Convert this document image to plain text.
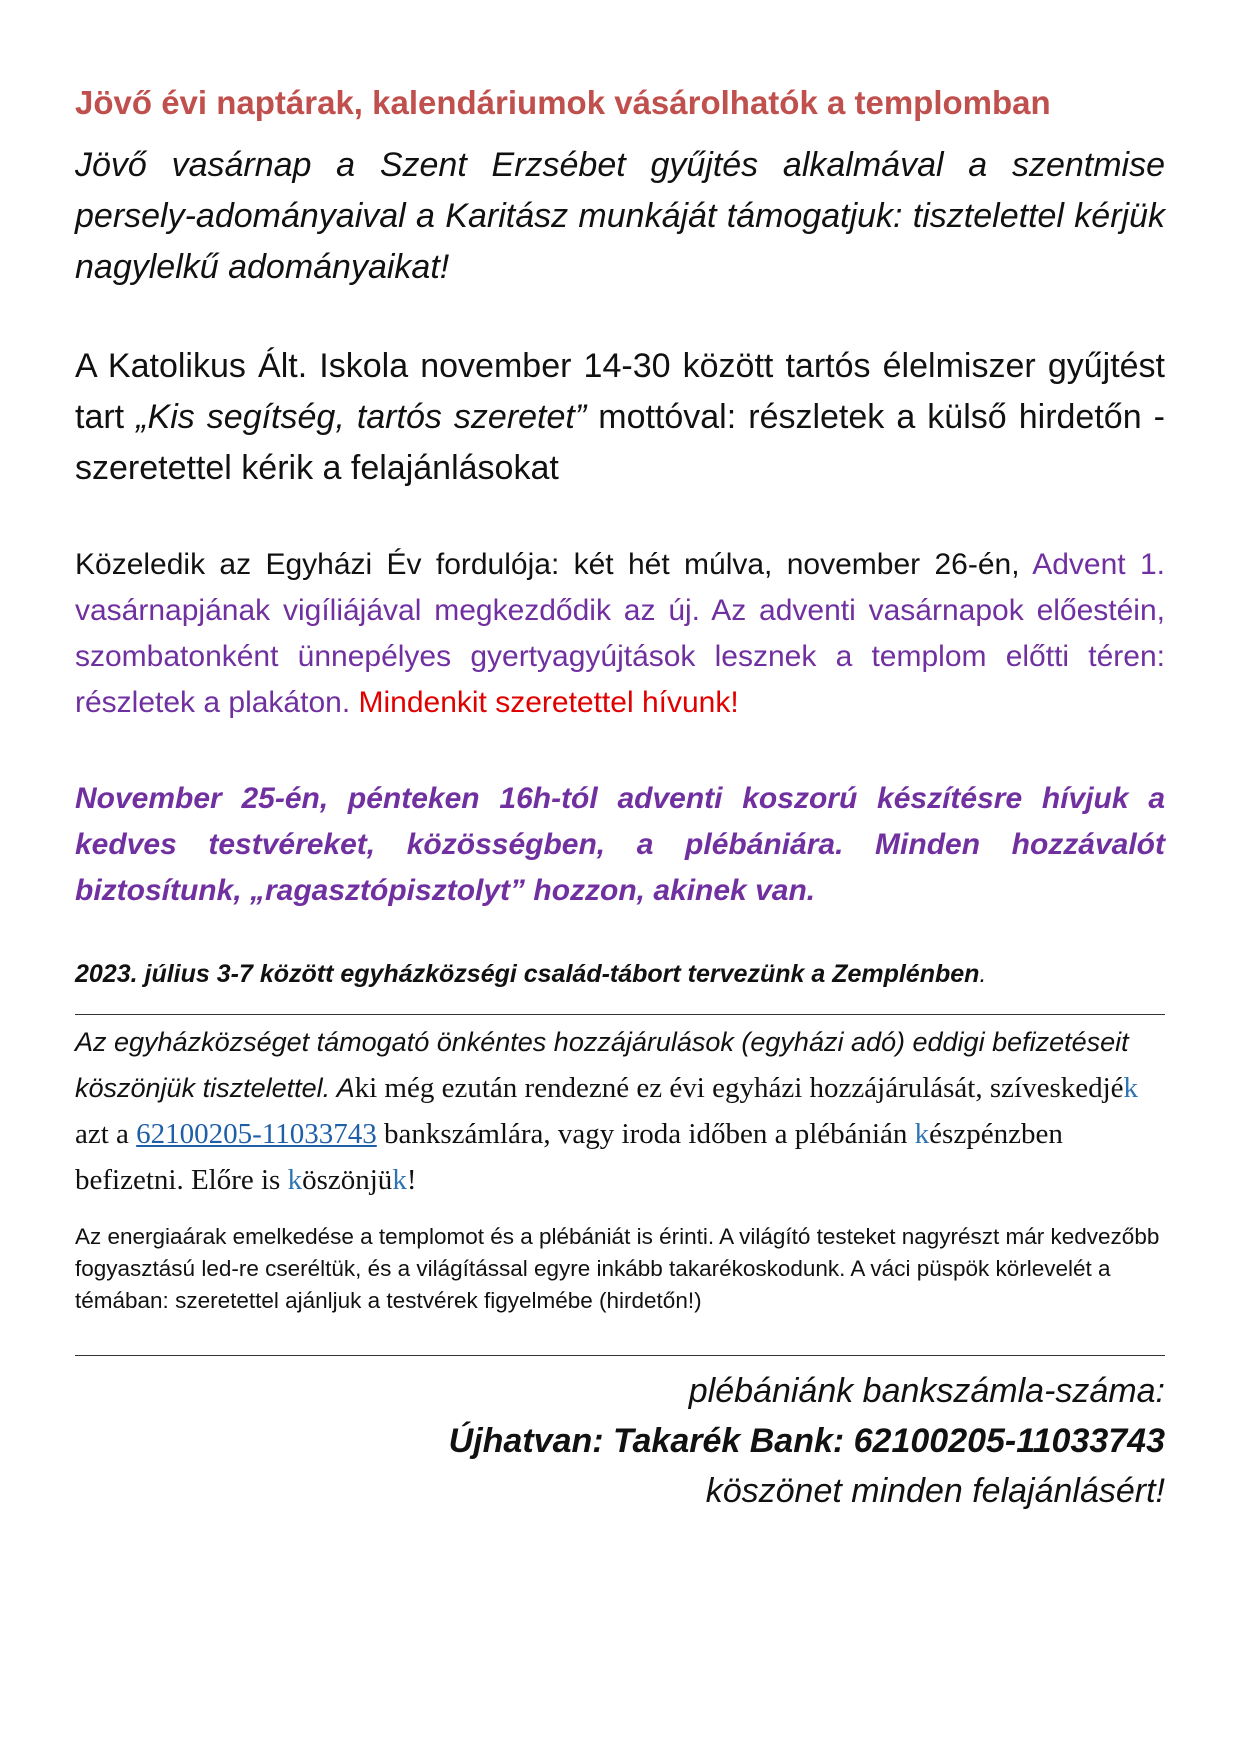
Jövő évi naptárak, kalendáriumok vásárolhatók a templomban

Jövő vasárnap a Szent Erzsébet gyűjtés alkalmával a szentmise persely-adományaival a Karitász munkáját támogatjuk: tisztelettel kérjük nagylelkű adományaikat!

A Katolikus Ált. Iskola november 14-30 között tartós élelmiszer gyűjtést tart „Kis segítség, tartós szeretet” mottóval: részletek a külső hirdetőn - szeretettel kérik a felajánlásokat

Közeledik az Egyházi Év fordulója: két hét múlva, november 26-én, Advent 1. vasárnapjának vigíliájával megkezdődik az új. Az adventi vasárnapok előestéin, szombatonként ünnepélyes gyertyagyújtások lesznek a templom előtti téren: részletek a plakáton. Mindenkit szeretettel hívunk!

November 25-én, pénteken 16h-tól adventi koszorú készítésre hívjuk a kedves testvéreket, közösségben, a plébániára. Minden hozzávalót biztosítunk, „ragasztópisztolyt” hozzon, akinek van.

2023. július 3-7 között egyházközségi család-tábort tervezünk a Zemplénben.

Az egyházközséget támogató önkéntes hozzájárulások (egyházi adó) eddigi befizetéseit köszönjük tisztelettel. Aki még ezután rendezné ez évi egyházi hozzájárulását, szíveskedjék azt a 62100205-11033743 bankszámlára, vagy iroda időben a plébánián készpénzben befizetni. Előre is köszönjük!

Az energiaárak emelkedése a templomot és a plébániát is érinti. A világító testeket nagyrészt már kedvezőbb fogyasztású led-re cseréltük, és a világítással egyre inkább takarékoskodunk. A váci püspök körlevelét a témában: szeretettel ajánljuk a testvérek figyelmébe (hirdetőn!)

plébániánk bankszámla-száma:
Újhatvan: Takarék Bank: 62100205-11033743
köszönet minden felajánlásért!
